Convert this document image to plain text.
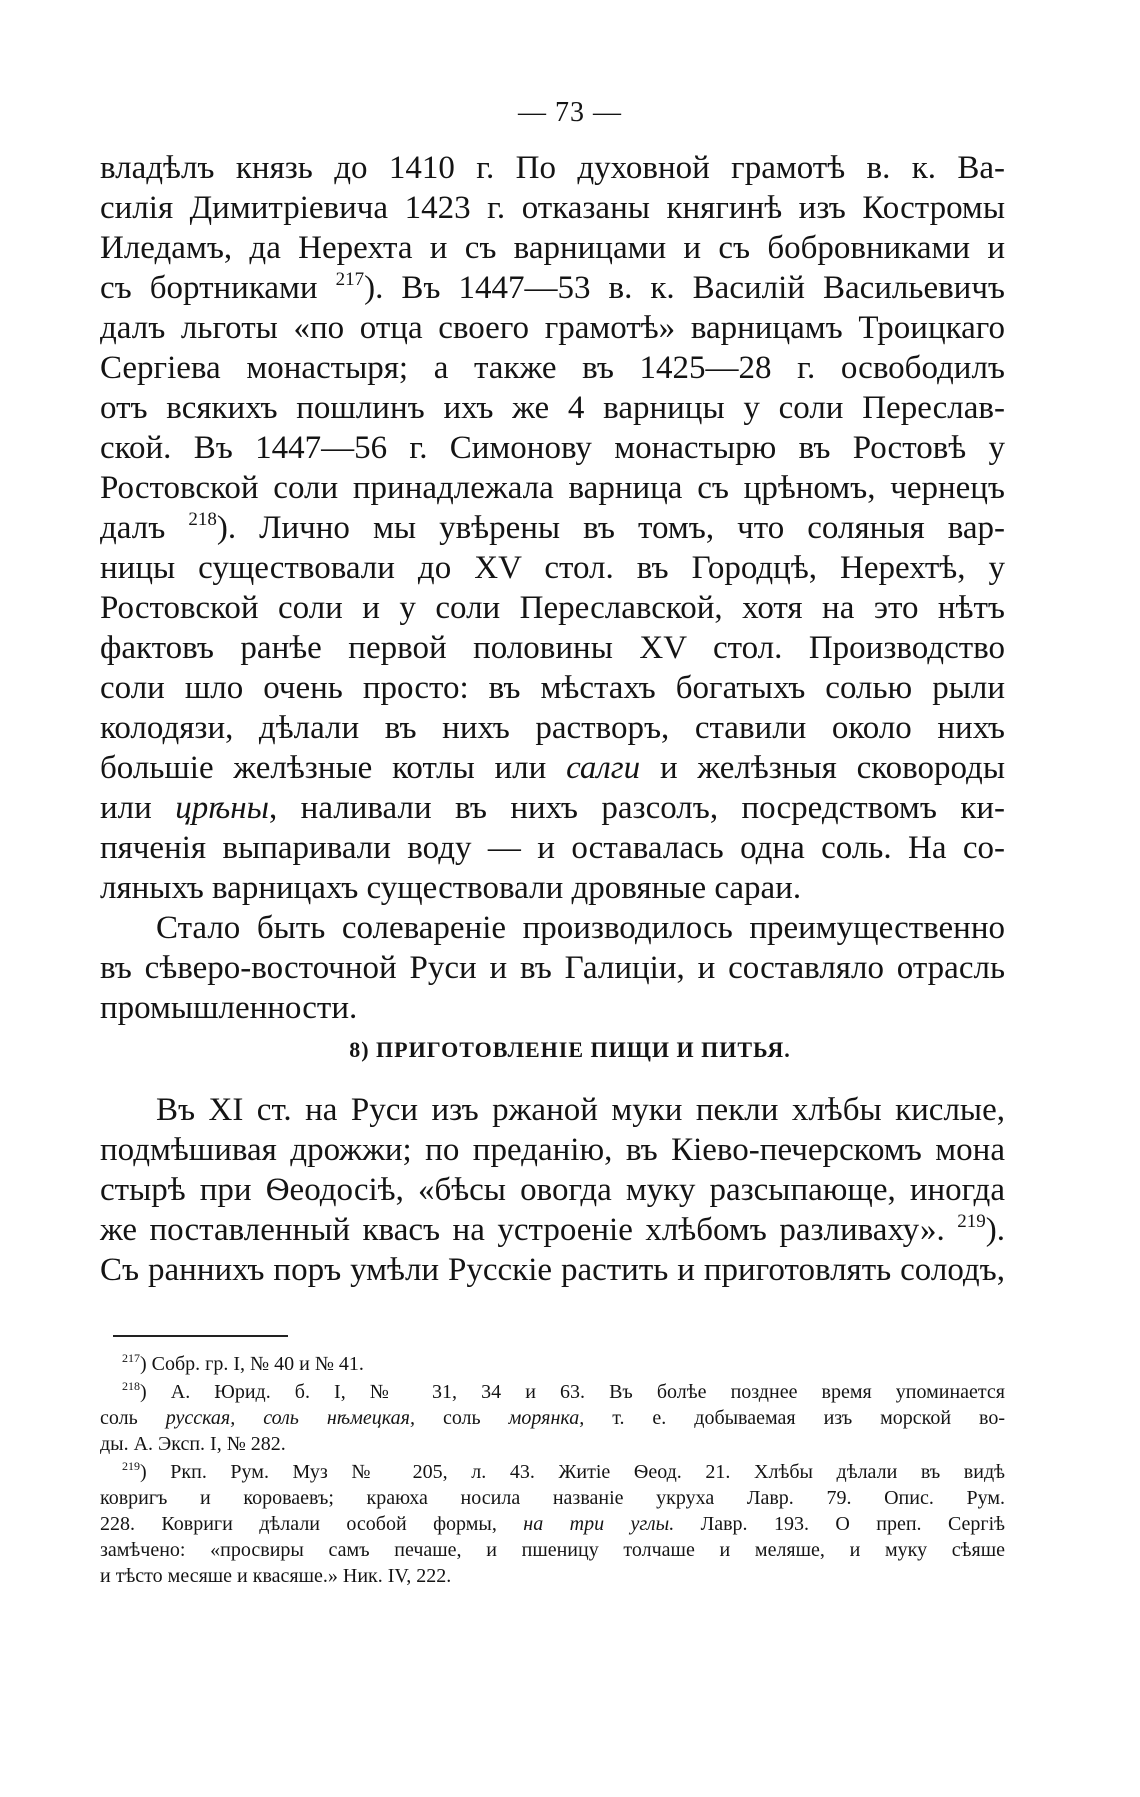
— 73 —
владѣлъ князь до 1410 г. По духовной грамотѣ в. к. Ва-
силія Димитріевича 1423 г. отказаны княгинѣ изъ Костромы
Иледамъ, да Нерехта и съ варницами и съ бобровниками и
съ бортниками $^{217}$). Въ 1447—53 в. к. Василій Васильевичъ
далъ льготы «по отца своего грамотѣ» варницамъ Троицкаго
Сергіева монастыря; а также въ 1425—28 г. освободилъ
отъ всякихъ пошлинъ ихъ же 4 варницы у соли Переслав-
ской. Въ 1447—56 г. Симонову монастырю въ Ростовѣ у
Ростовской соли принадлежала варница съ црѣномъ, чернецъ
далъ $^{218}$). Лично мы увѣрены въ томъ, что соляныя вар-
ницы существовали до XV стол. въ Городцѣ, Нерехтѣ, у
Ростовской соли и у соли Переславской, хотя на это нѣтъ
фактовъ ранѣе первой половины XV стол. Производство
соли шло очень просто: въ мѣстахъ богатыхъ солью рыли
колодязи, дѣлали въ нихъ растворъ, ставили около нихъ
большіе желѣзные котлы или салги и желѣзныя сковороды
или црѣны, наливали въ нихъ разсолъ, посредствомъ ки-
пяченія выпаривали воду — и оставалась одна соль. На со-
ляныхъ варницахъ существовали дровяные сараи.
Стало быть солевареніе производилось преимущественно
въ сѣверо-восточной Руси и въ Галиціи, и составляло отрасль
промышленности.
8) ПРИГОТОВЛЕНІЕ ПИЩИ И ПИТЬЯ.
Въ XI ст. на Руси изъ ржаной муки пекли хлѣбы кислые,
подмѣшивая дрожжи; по преданію, въ Кіево-печерскомъ мона
стырѣ при Ѳеодосіѣ, «бѣсы овогда муку разсыпающе, иногда
же поставленный квасъ на устроеніе хлѣбомъ разливаху». $^{219}$).
Съ раннихъ поръ умѣли Русскіе растить и приготовлять солодъ,
$^{217}$) Собр. гр. I, № 40 и № 41.
$^{218}$) А. Юрид. б. I, № 31, 34 и 63. Въ болѣе позднее время упоминается
соль русская, соль нѣмецкая, соль морянка, т. е. добываемая изъ морской во-
ды. А. Эксп. I, № 282.
$^{219}$) Ркп. Рум. Муз № 205, л. 43. Житіе Ѳеод. 21. Хлѣбы дѣлали въ видѣ
ковригъ и короваевъ; краюха носила названіе укруха Лавр. 79. Опис. Рум.
228. Ковриги дѣлали особой формы, на три углы. Лавр. 193. О преп. Сергіѣ
замѣчено: «просвиры самъ печаше, и пшеницу толчаше и меляше, и муку сѣяше
и тѣсто месяше и квасяше.» Ник. IV, 222.
